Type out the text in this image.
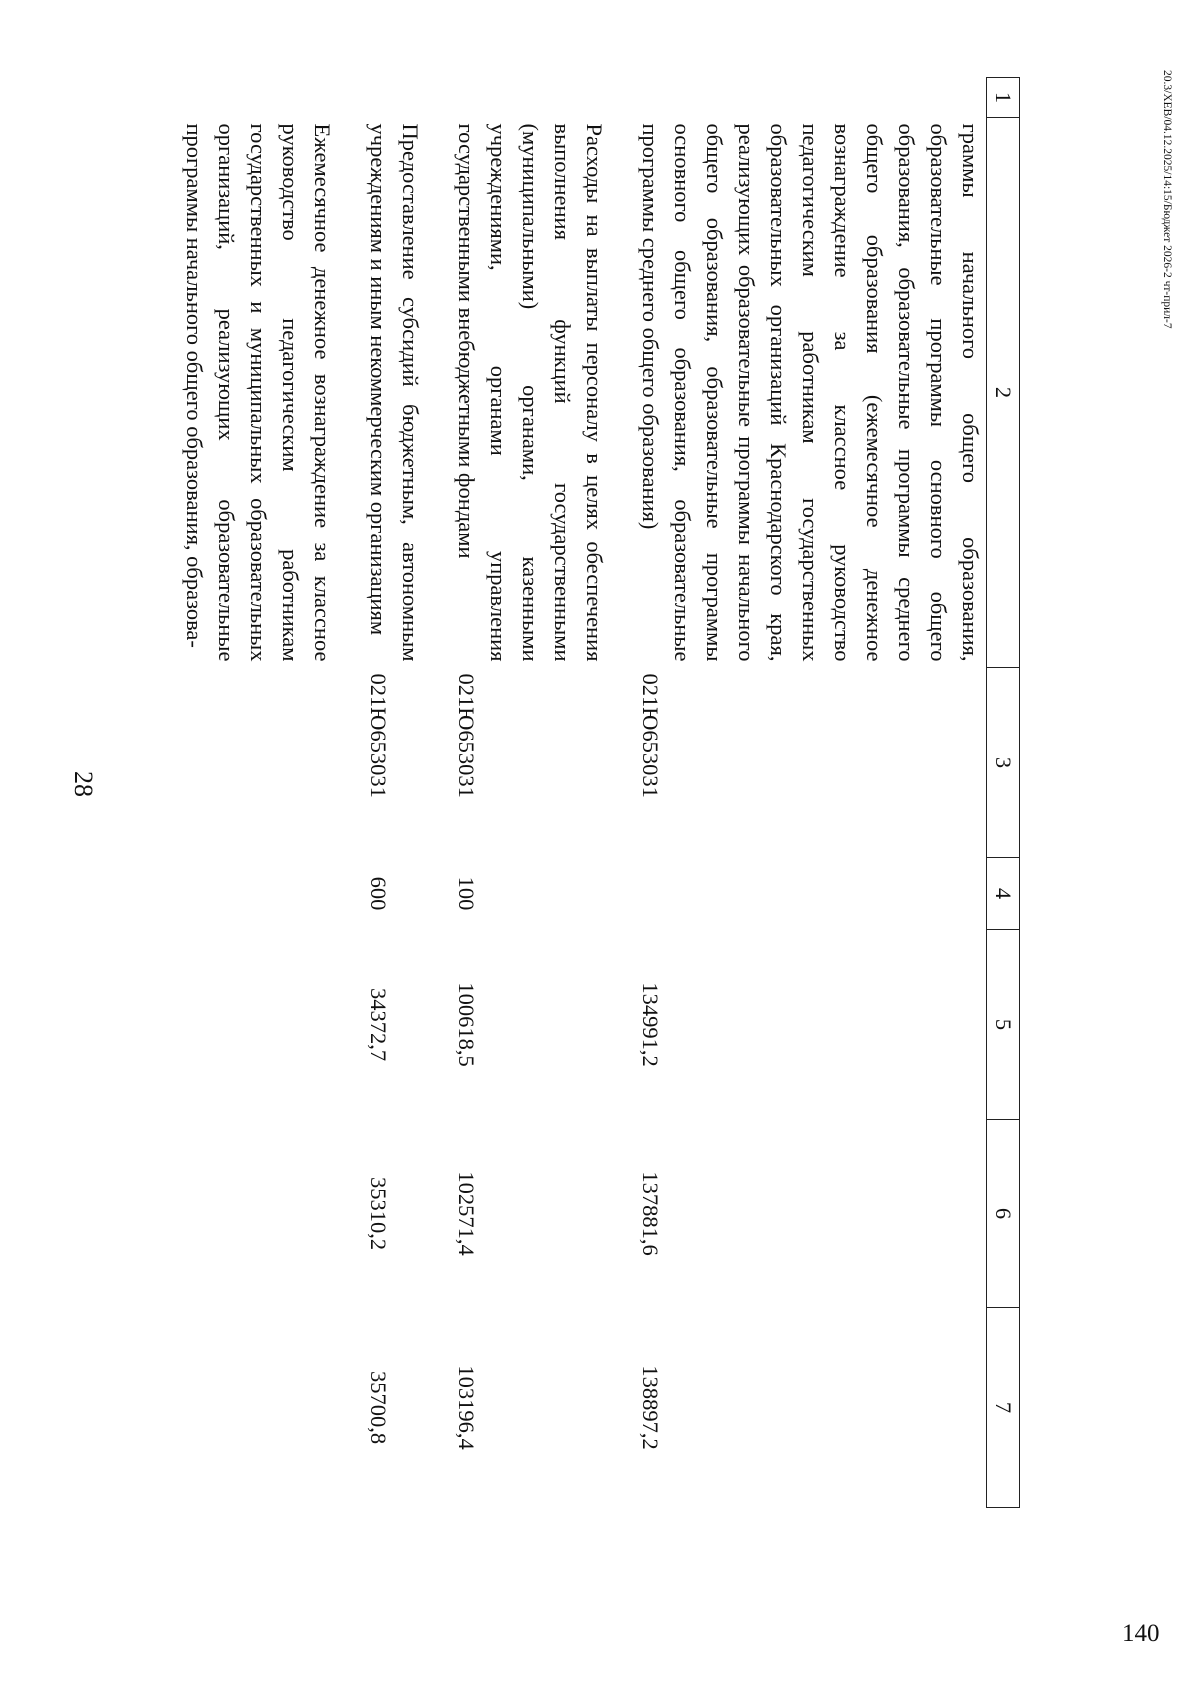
28
20.3/ХЕВ/04.12.2025/14:15/Бюджет 2026-2 чт-прил-7
140
1	2	3	4	5	6	7
	граммы начального общего образования, образовательные программы основного общего образования, образовательные программы среднего общего образования (ежемесячное денежное вознаграждение за классное руководство педагогическим работникам государственных образовательных организаций Краснодарского края, реализующих образовательные программы начального общего образования, образовательные программы основного общего образования, образовательные программы среднего общего образования)	021Ю653031		134991,2	137881,6	138897,2

	Расходы на выплаты персоналу в целях обеспечения выполнения функций государственными (муниципальными) органами, казенными учреждениями, органами управления государственными внебюджетными фондами	021Ю653031	100	100618,5	102571,4	103196,4

	Предоставление субсидий бюджетным, автономным учреждениям и иным некоммерческим организациям	021Ю653031	600	34372,7	35310,2	35700,8

	Ежемесячное денежное вознаграждение за классное руководство педагогическим работникам государственных и муниципальных образовательных организаций, реализующих образовательные программы начального общего образования, образова-					
